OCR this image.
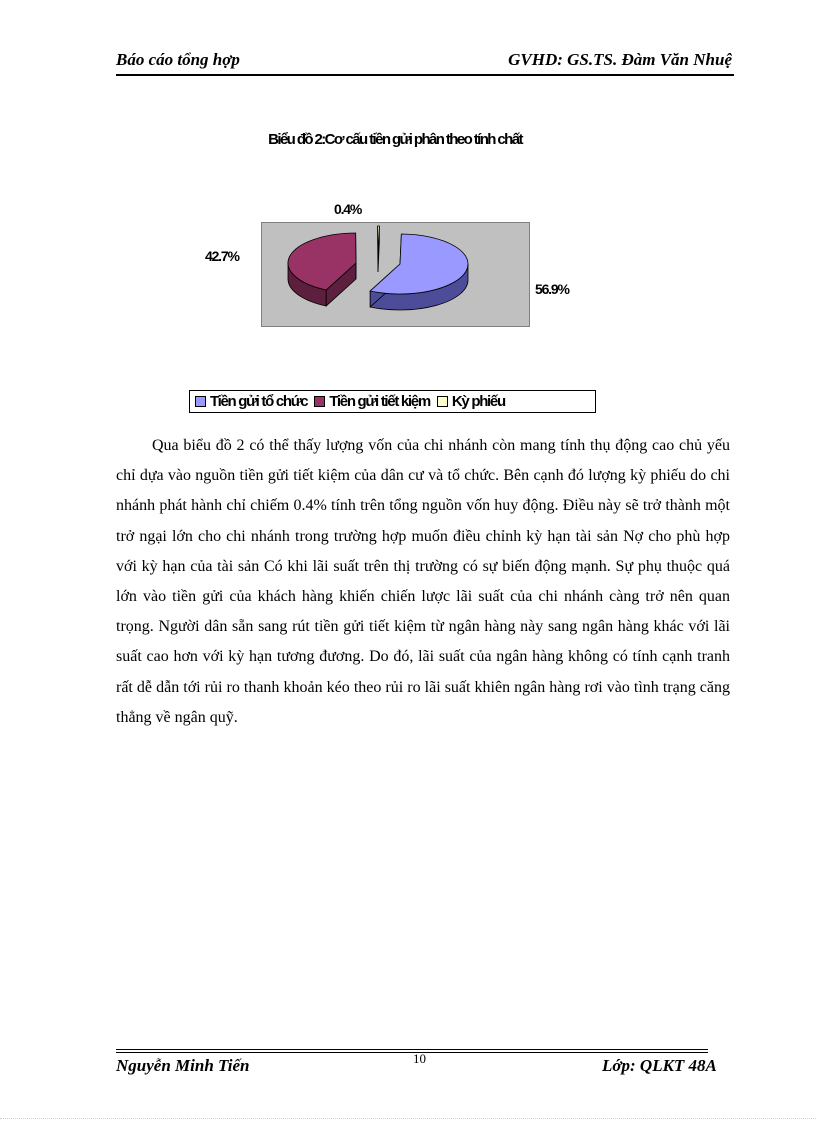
Báo cáo tổng hợp	GVHD: GS.TS. Đàm Văn Nhuệ
Biểu đồ 2:Cơ cấu tiền gửi phân theo tính chất
56.9%
42.7%
0.4%
Tiền gửi tổ chức Tiền gửi tiết kiệm Kỳ phiếu

Qua biểu đồ 2 có thể thấy lượng vốn của chi nhánh còn mang tính thụ động cao chủ yếu chỉ dựa vào nguồn tiền gửi tiết kiệm của dân cư và tổ chức. Bên cạnh đó lượng kỳ phiếu do chi nhánh phát hành chỉ chiếm 0.4% tính trên tổng nguồn vốn huy động. Điều này sẽ trở thành một trở ngại lớn cho chi nhánh trong trường hợp muốn điều chỉnh kỳ hạn tài sản Nợ cho phù hợp với kỳ hạn của tài sản Có khi lãi suất trên thị trường có sự biến động mạnh. Sự phụ thuộc quá lớn vào tiền gửi của khách hàng khiến chiến lược lãi suất của chi nhánh càng trở nên quan trọng. Người dân sẵn sang rút tiền gửi tiết kiệm từ ngân hàng này sang ngân hàng khác với lãi suất cao hơn với kỳ hạn tương đương. Do đó, lãi suất của ngân hàng không có tính cạnh tranh rất dễ dẫn tới rủi ro thanh khoản kéo theo rủi ro lãi suất khiên ngân hàng rơi vào tình trạng căng thẳng về ngân quỹ.

Nguyễn Minh Tiến	10	Lớp: QLKT 48A
